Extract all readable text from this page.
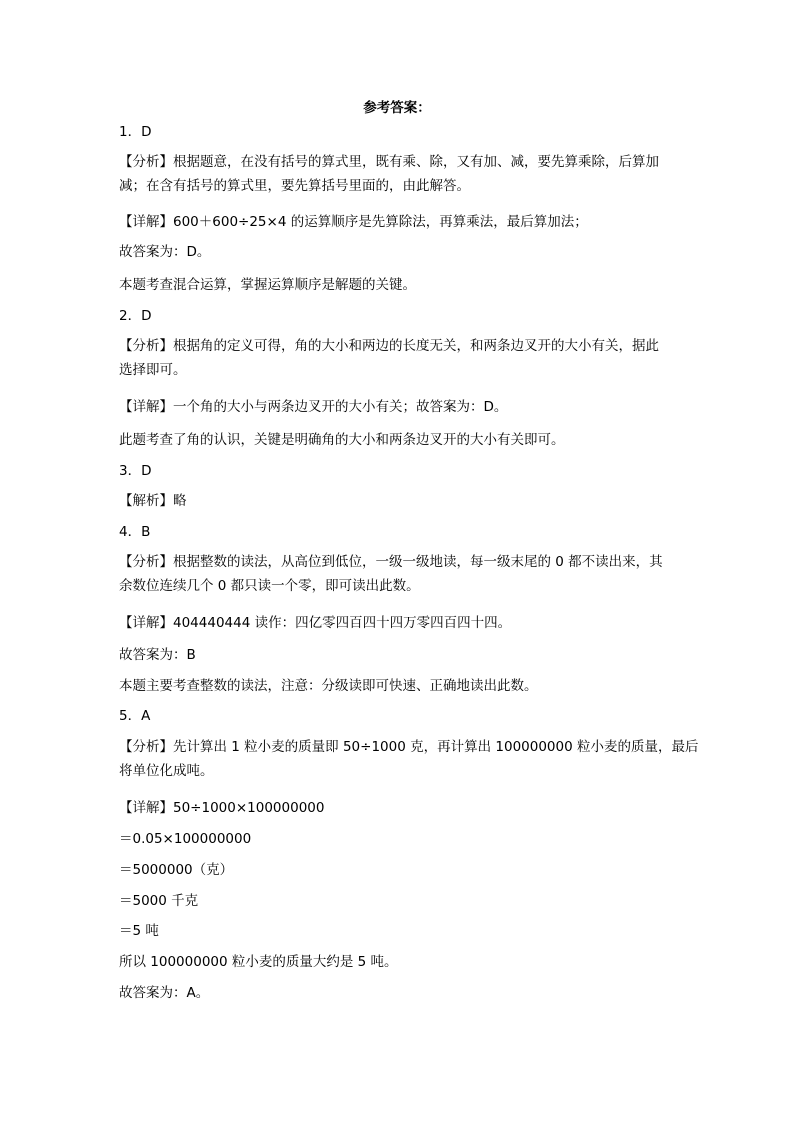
参考答案：
1．D
【分析】根据题意，在没有括号的算式里，既有乘、除，又有加、减，要先算乘除，后算加
减；在含有括号的算式里，要先算括号里面的，由此解答。
【详解】600＋600÷25×4 的运算顺序是先算除法，再算乘法，最后算加法；
故答案为：D。
本题考查混合运算，掌握运算顺序是解题的关键。
2．D
【分析】根据角的定义可得，角的大小和两边的长度无关，和两条边叉开的大小有关，据此
选择即可。
【详解】一个角的大小与两条边叉开的大小有关；故答案为：D。
此题考查了角的认识，关键是明确角的大小和两条边叉开的大小有关即可。
3．D
【解析】略
4．B
【分析】根据整数的读法，从高位到低位，一级一级地读，每一级末尾的 0 都不读出来，其
余数位连续几个 0 都只读一个零，即可读出此数。
【详解】404440444 读作：四亿零四百四十四万零四百四十四。
故答案为：B
本题主要考查整数的读法，注意：分级读即可快速、正确地读出此数。
5．A
【分析】先计算出 1 粒小麦的质量即 50÷1000 克，再计算出 100000000 粒小麦的质量，最后
将单位化成吨。
【详解】50÷1000×100000000
＝0.05×100000000
＝5000000（克）
＝5000 千克
＝5 吨
所以 100000000 粒小麦的质量大约是 5 吨。
故答案为：A。
